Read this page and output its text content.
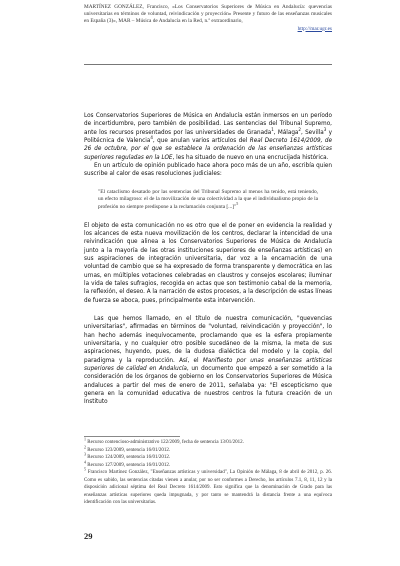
MARTÍNEZ GONZÁLEZ, Francisco, «Los Conservatorios Superiores de Música en Andalucía: quevencias universitarias en términos de voluntad, reivindicación y proyección» Presente y futuro de las enseñanzas musicales en España (3)», MAR – Música de Andalucía en la Red, n.º extraordinario,
http://mar.ugr.es

Los Conservatorios Superiores de Música en Andalucía están inmersos en un período de incertidumbre, pero también de posibilidad. Las sentencias del Tribunal Supremo, ante los recursos presentados por las universidades de Granada$^1$, Málaga$^2$, Sevilla$^3$ y Politécnica de Valencia$^4$, que anulan varios artículos del Real Decreto 1614/2009, de 26 de octubre, por el que se establece la ordenación de las enseñanzas artísticas superiores reguladas en la LOE, les ha situado de nuevo en una encrucijada histórica.

En un artículo de opinión publicado hace ahora poco más de un año, escribía quien suscribe al calor de esas resoluciones judiciales:

"El cataclismo desatado por las sentencias del Tribunal Supremo al menos ha tenido, está teniendo, un efecto milagroso: el de la movilización de una colectividad a la que el individualismo propio de la profesión no siempre predispone a la reclamación conjunta [...]"$^5$

El objeto de esta comunicación no es otro que el de poner en evidencia la realidad y los alcances de esta nueva movilización de los centros, declarar la intencidad de una reivindicación que alinea a los Conservatorios Superiores de Música de Andalucía junto a la mayoría de las otras instituciones superiores de enseñanzas artísticas) en sus aspiraciones de integración universitaria, dar voz a la encarnación de una voluntad de cambio que se ha expresado de forma transparente y democrática en las urnas, en múltiples votaciones celebradas en claustros y consejos escolares; iluminar la vida de tales sufragios, recogida en actas que son testimonio cabal de la memoria, la reflexión, el deseo. A la narración de estos procesos, a la descripción de estas líneas de fuerza se aboca, pues, principalmente esta intervención.

Las que hemos llamado, en el título de nuestra comunicación, "quevencias universitarias", afirmadas en términos de "voluntad, reivindicación y proyección", lo han hecho además inequívocamente, proclamando que es la esfera propiamente universitaria, y no cualquier otro posible sucedáneo de la misma, la meta de sus aspiraciones, huyendo, pues, de la dudosa dialéctica del modelo y la copia, del paradigma y la reproducción. Así, el Manifiesto por unas enseñanzas artísticas superiores de calidad en Andalucía, un documento que empezó a ser sometido a la consideración de los órganos de gobierno en los Conservatorios Superiores de Música andaluces a partir del mes de enero de 2011, señalaba ya: "El escepticismo que genera en la comunidad educativa de nuestros centros la futura creación de un Instituto

$^1$ Recurso contencioso-administrativo 122/2009, fecha de sentencia 13/01/2012.

$^2$ Recurso 123/2009, sentencia 16/01/2012.

$^3$ Recurso 124/2009, sentencia 16/01/2012.

$^4$ Recurso 127/2009, sentencia 16/01/2012.

$^5$ Francisco Martínez González, "Enseñanzas artísticas y universidad", La Opinión de Málaga, 8 de abril de 2012, p. 26. Como es sabido, las sentencias citadas vienen a anular, por no ser conformes a Derecho, los artículos 7.1, 8, 11, 12 y la disposición adicional séptima del Real Decreto 1614/2009. Esto significa que la denominación de Grado para las enseñanzas artísticas superiores queda impugnada, y por tanto se mantendrá la distancia frente a una equívoca identificación con las universitarias.

29
